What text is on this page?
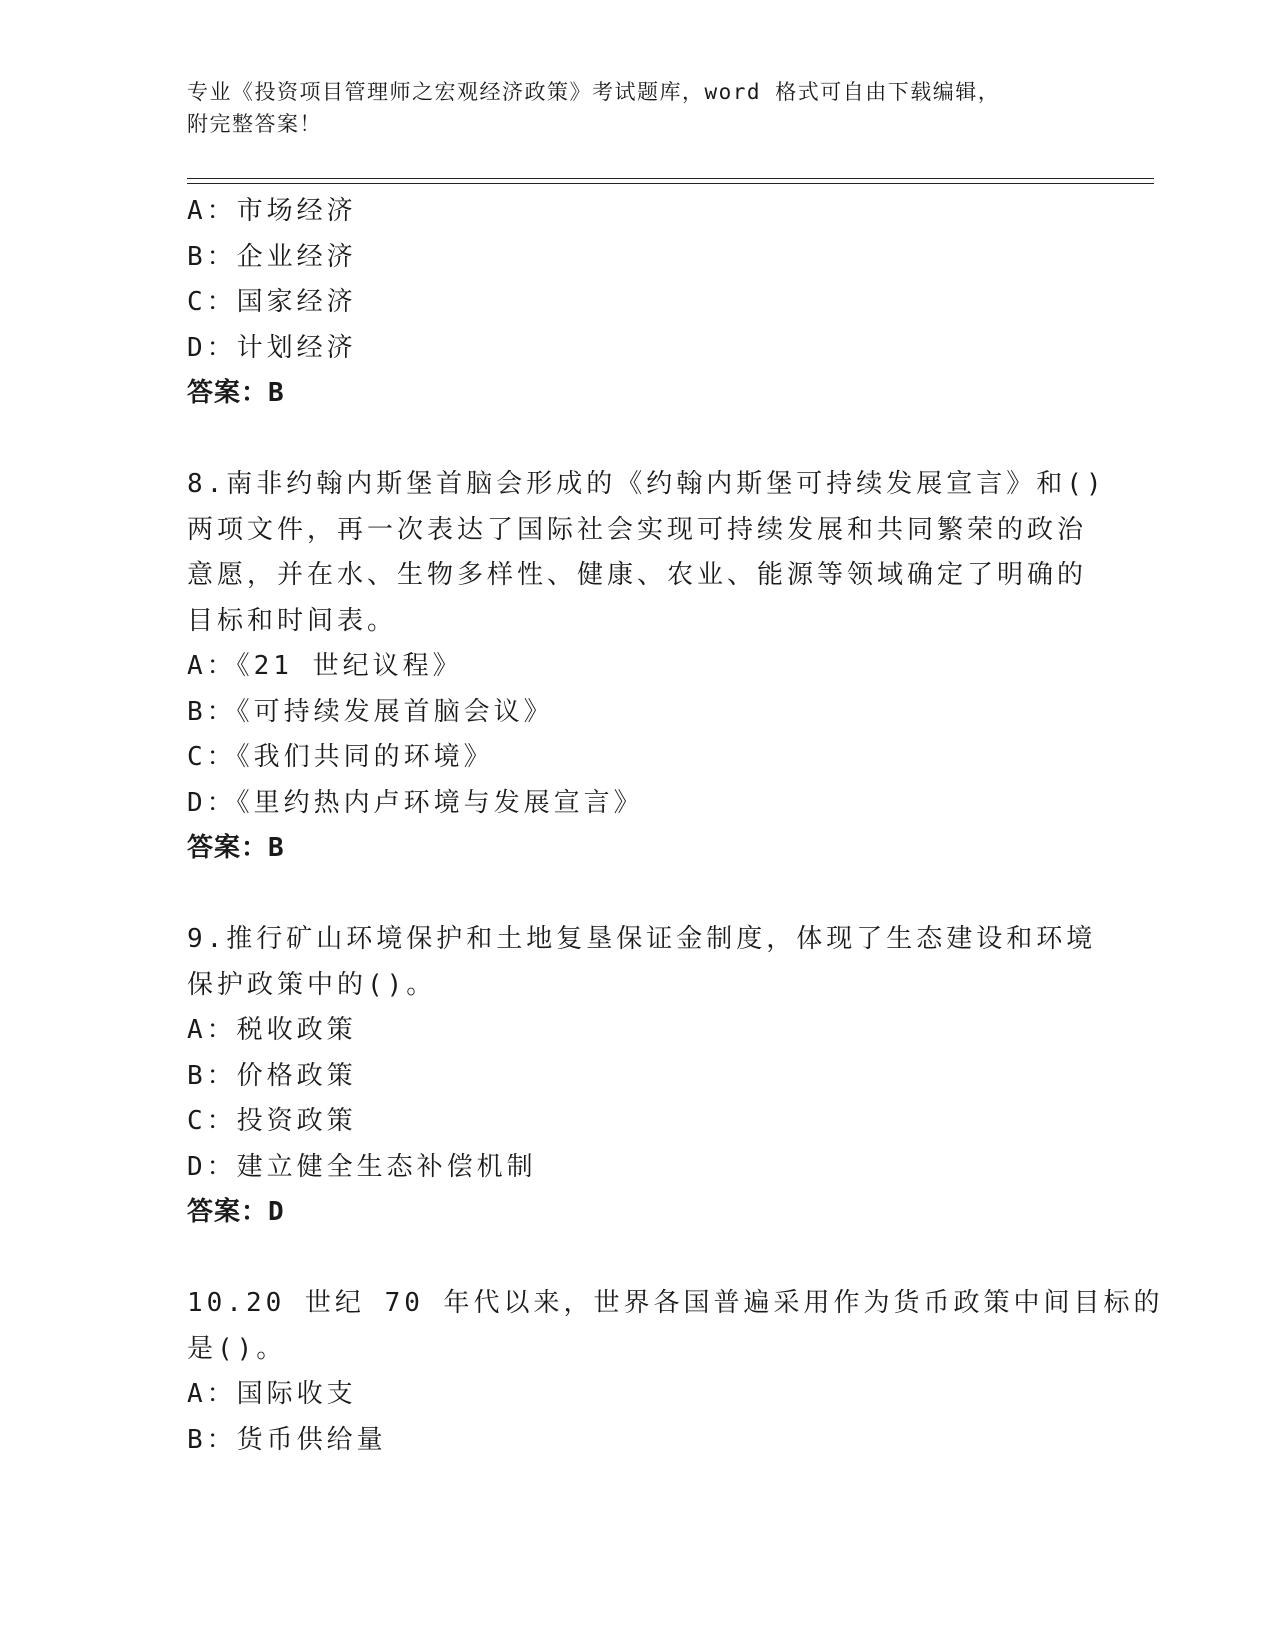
专业《投资项目管理师之宏观经济政策》考试题库，word 格式可自由下载编辑，
附完整答案！
A：市场经济
B：企业经济
C：国家经济
D：计划经济
答案：B
8.南非约翰内斯堡首脑会形成的《约翰内斯堡可持续发展宣言》和()
两项文件，再一次表达了国际社会实现可持续发展和共同繁荣的政治
意愿，并在水、生物多样性、健康、农业、能源等领域确定了明确的
目标和时间表。
A：《21 世纪议程》
B：《可持续发展首脑会议》
C：《我们共同的环境》
D：《里约热内卢环境与发展宣言》
答案：B
9.推行矿山环境保护和土地复垦保证金制度，体现了生态建设和环境
保护政策中的()。
A：税收政策
B：价格政策
C：投资政策
D：建立健全生态补偿机制
答案：D
10.20 世纪 70 年代以来，世界各国普遍采用作为货币政策中间目标的
是()。
A：国际收支
B：货币供给量
